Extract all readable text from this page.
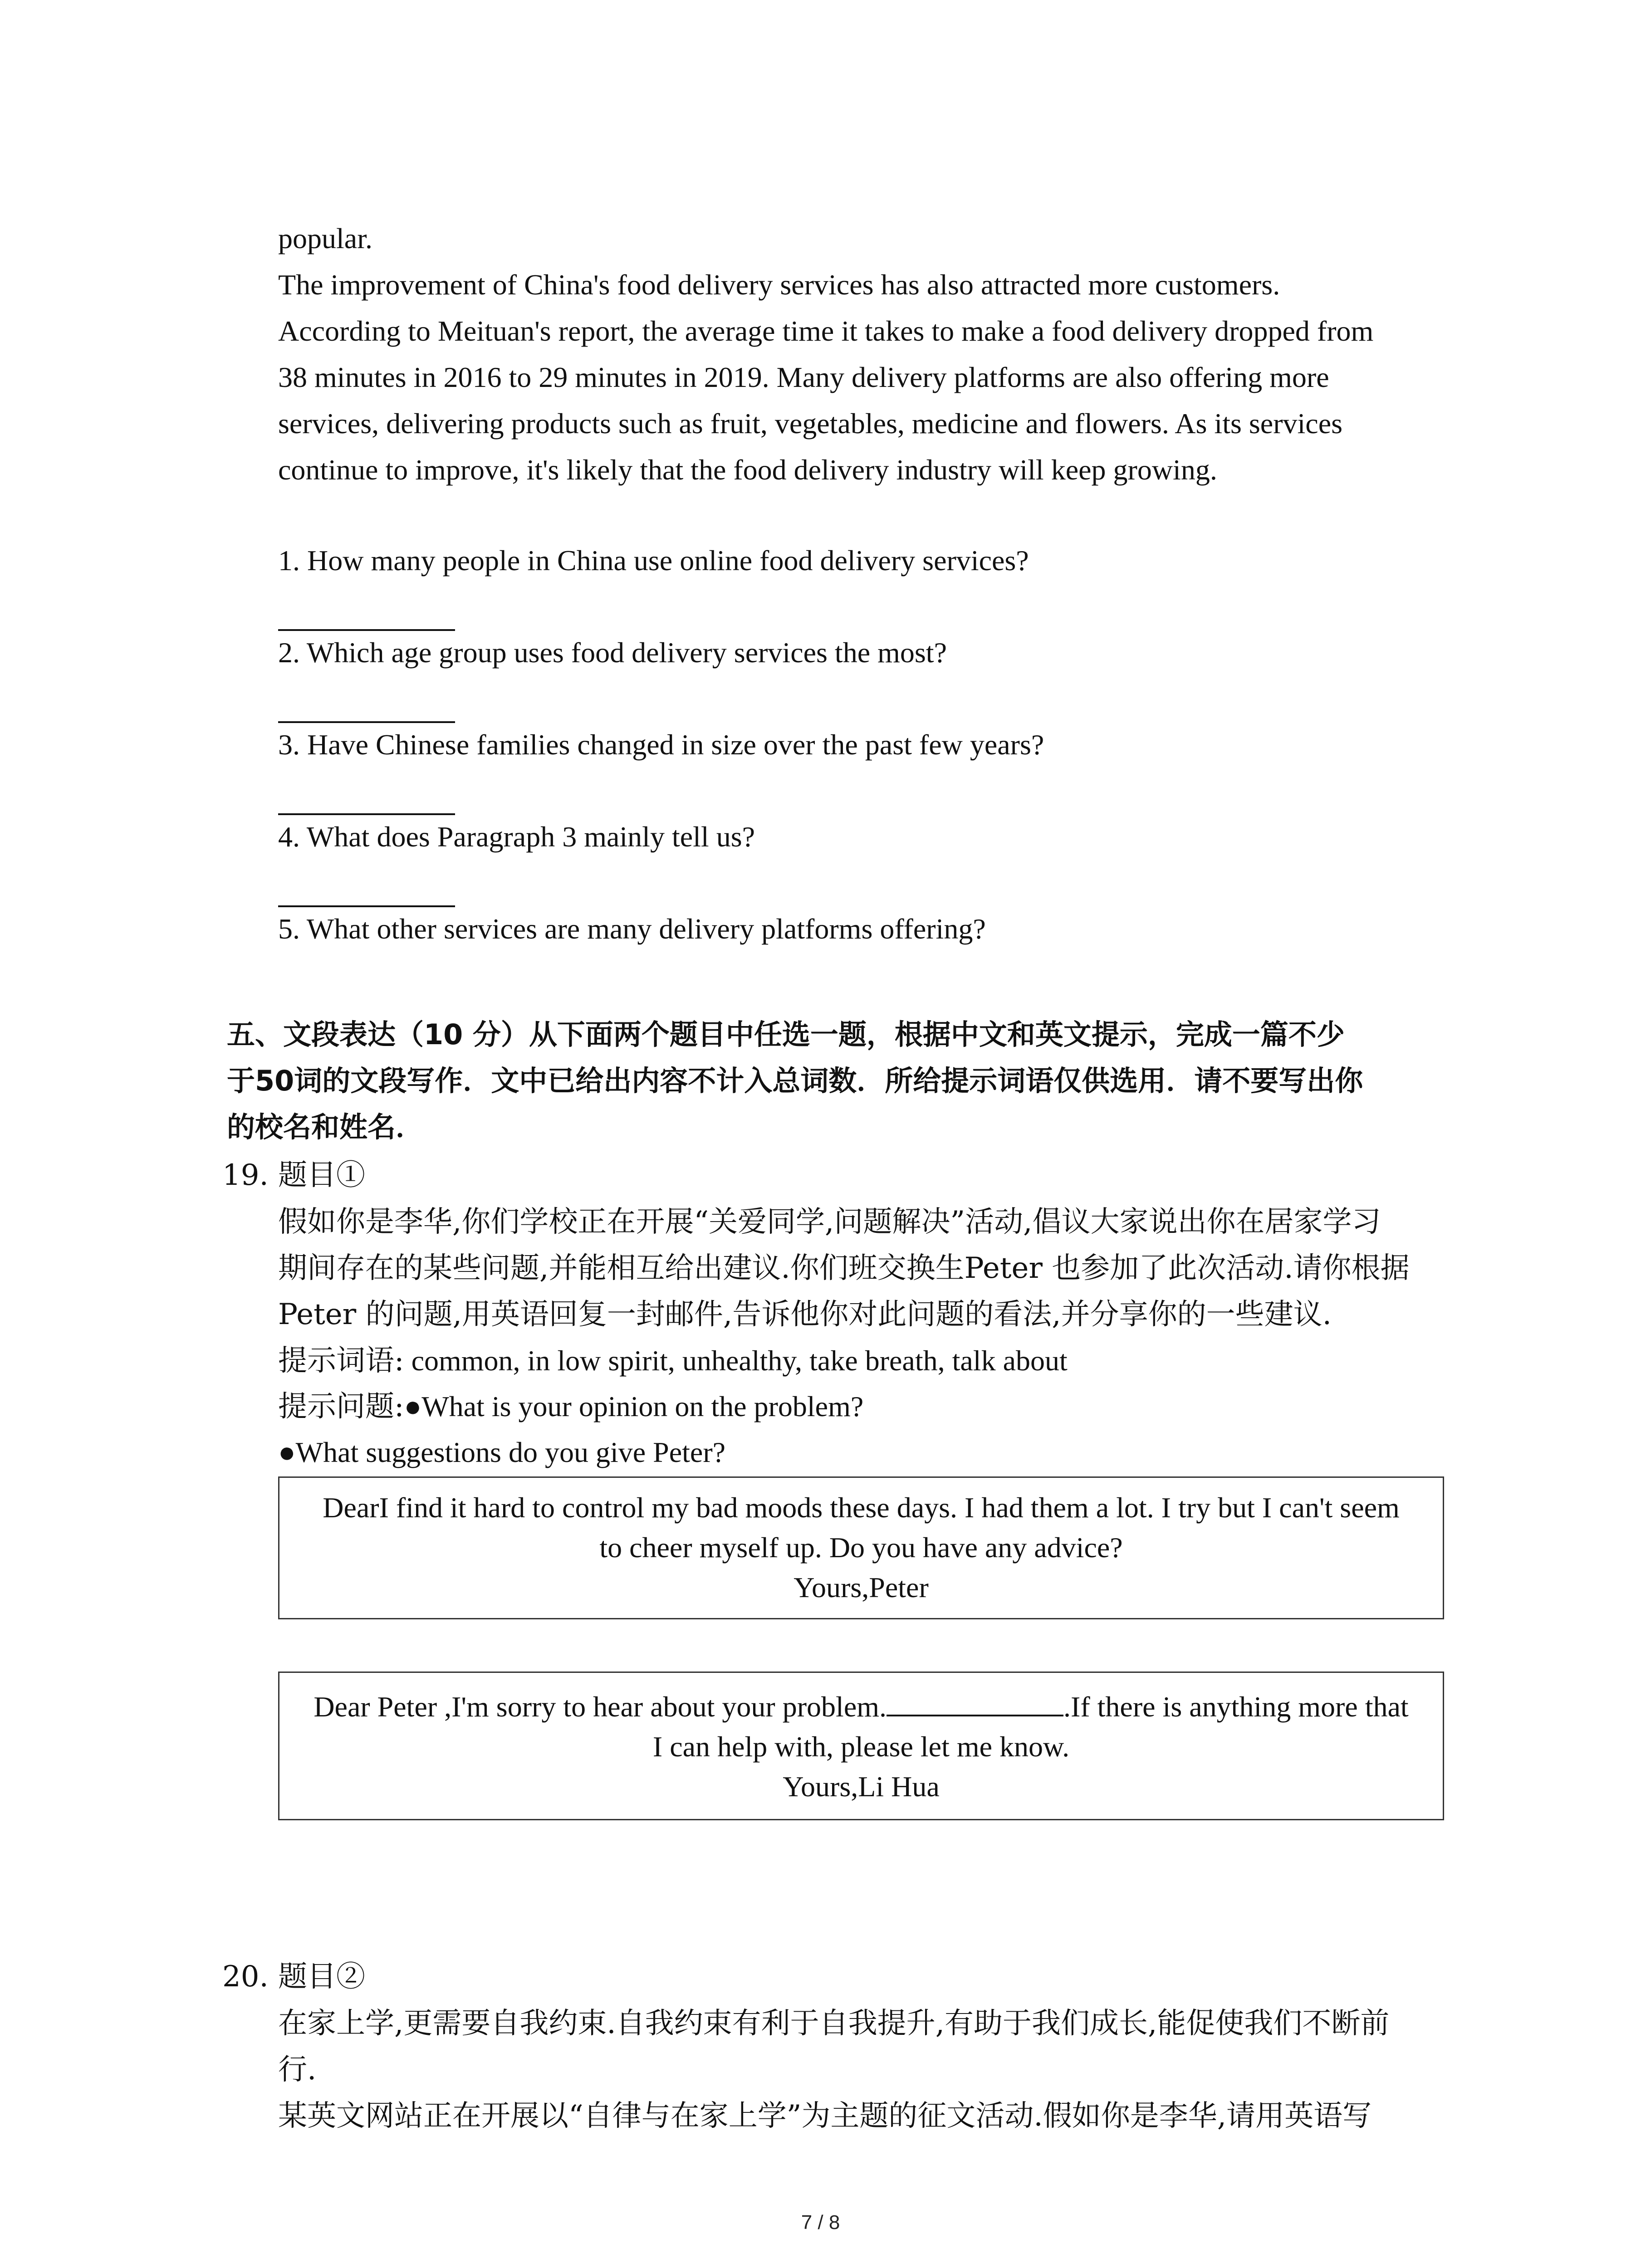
popular.
The improvement of China's food delivery services has also attracted more customers.
According to Meituan's report, the average time it takes to make a food delivery dropped from
38 minutes in 2016 to 29 minutes in 2019. Many delivery platforms are also offering more
services, delivering products such as fruit, vegetables, medicine and flowers. As its services
continue to improve, it's likely that the food delivery industry will keep growing.
1. How many people in China use online food delivery services?
2. Which age group uses food delivery services the most?
3. Have Chinese families changed in size over the past few years?
4. What does Paragraph 3 mainly tell us?
5. What other services are many delivery platforms offering?
五、文段表达（10 分）从下面两个题目中任选一题，根据中文和英文提示，完成一篇不少
于50词的文段写作．文中已给出内容不计入总词数．所给提示词语仅供选用．请不要写出你
的校名和姓名．
19. 题目①
假如你是李华,你们学校正在开展“关爱同学,问题解决”活动,倡议大家说出你在居家学习
期间存在的某些问题,并能相互给出建议.你们班交换生Peter 也参加了此次活动.请你根据
Peter 的问题,用英语回复一封邮件,告诉他你对此问题的看法,并分享你的一些建议.
提示词语: common, in low spirit, unhealthy, take breath, talk about
提示问题:●What is your opinion on the problem?
●What suggestions do you give Peter?
DearI find it hard to control my bad moods these days. I had them a lot. I try but I can't seem
to cheer myself up. Do you have any advice?
Yours,Peter
Dear Peter ,I'm sorry to hear about your problem.	.If there is anything more that
I can help with, please let me know.
Yours,Li Hua
20. 题目②
在家上学,更需要自我约束.自我约束有利于自我提升,有助于我们成长,能促使我们不断前
行.
某英文网站正在开展以“自律与在家上学”为主题的征文活动.假如你是李华,请用英语写
7 / 8
